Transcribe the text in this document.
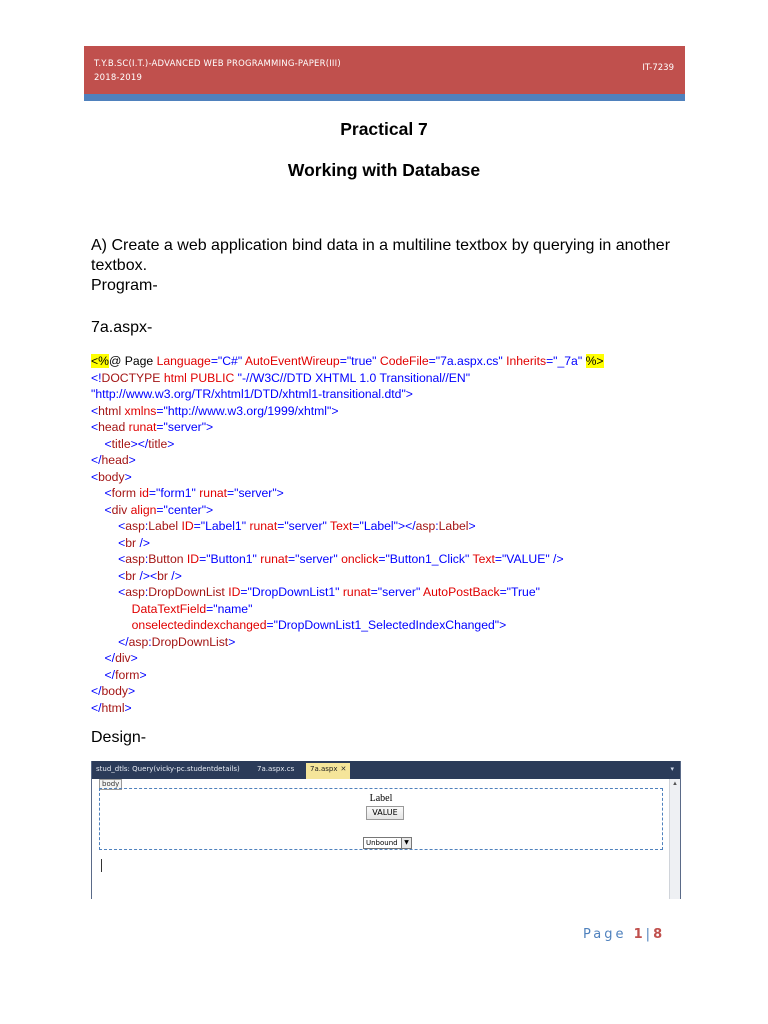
T.Y.B.SC(I.T.)-ADVANCED WEB PROGRAMMING-PAPER(III)
2018-2019
IT-7239
Practical 7
Working with Database
A) Create a web application bind data in a multiline textbox by querying in another textbox.
Program-
7a.aspx-
<%@ Page Language="C#" AutoEventWireup="true" CodeFile="7a.aspx.cs" Inherits="_7a" %>
<!DOCTYPE html PUBLIC "-//W3C//DTD XHTML 1.0 Transitional//EN"
"http://www.w3.org/TR/xhtml1/DTD/xhtml1-transitional.dtd">
<html xmlns="http://www.w3.org/1999/xhtml">
<head runat="server">
<title></title>
</head>
<body>
<form id="form1" runat="server">
<div align="center">
<asp:Label ID="Label1" runat="server" Text="Label"></asp:Label>
<br />
<asp:Button ID="Button1" runat="server" onclick="Button1_Click" Text="VALUE" />
<br /><br />
<asp:DropDownList ID="DropDownList1" runat="server" AutoPostBack="True"
DataTextField="name"
onselectedindexchanged="DropDownList1_SelectedIndexChanged">
</asp:DropDownList>
</div>
</form>
</body>
</html>
Design-
stud_dtls: Query(vicky-pc.studentdetails) 7a.aspx.cs	7a.aspx ✕	▾
▲
body
Label
VALUE
Unbound	▼
Page 1 | 8
